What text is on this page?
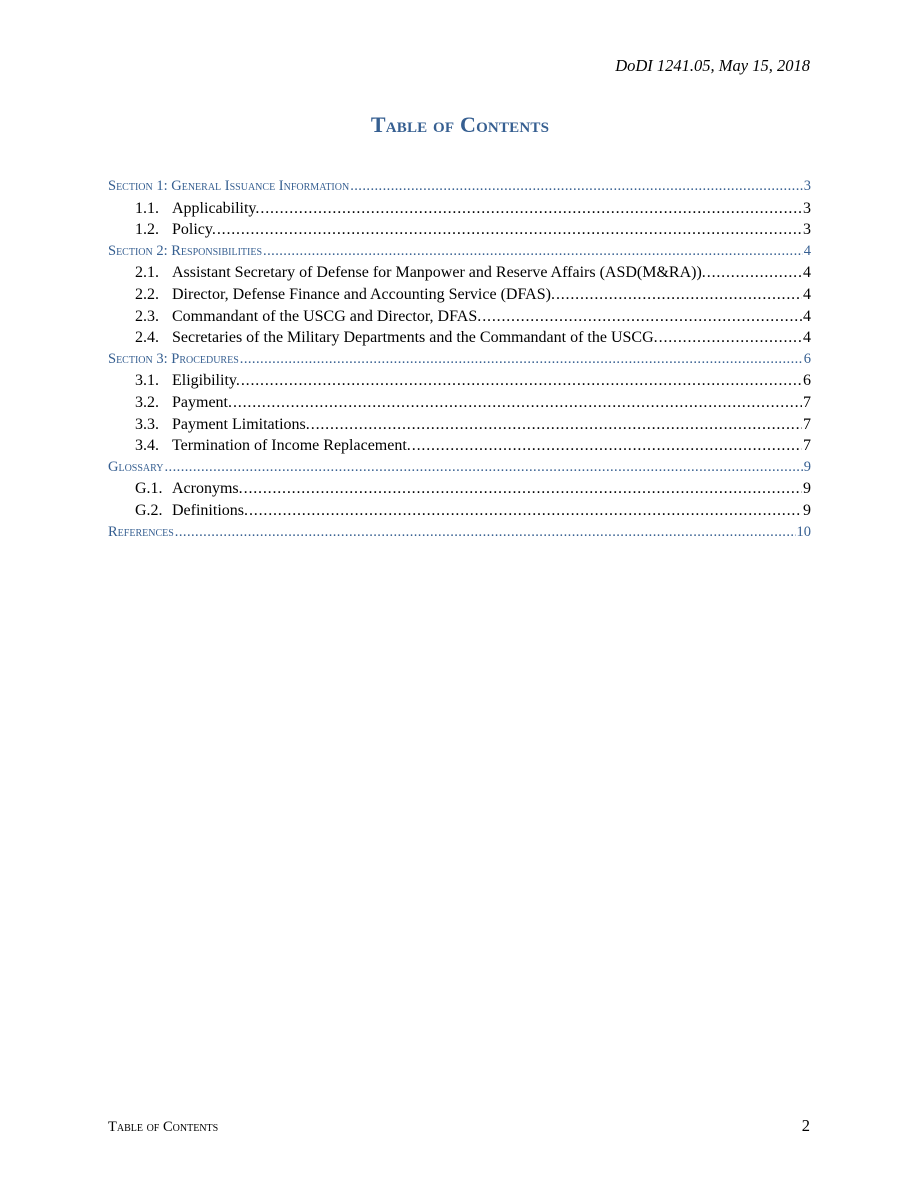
DoDI 1241.05, May 15, 2018
Table of Contents
Section 1: General Issuance Information . . .	3
1.1. Applicability. . . .	3
1.2. Policy. . . .	3
Section 2: Responsibilities . . .	4
2.1. Assistant Secretary of Defense for Manpower and Reserve Affairs (ASD(M&RA)). . . .	4
2.2. Director, Defense Finance and Accounting Service (DFAS). . . .	4
2.3. Commandant of the USCG and Director, DFAS. . . .	4
2.4. Secretaries of the Military Departments and the Commandant of the USCG. . . .	4
Section 3: Procedures . . .	6
3.1. Eligibility. . . .	6
3.2. Payment. . . .	7
3.3. Payment Limitations. . . .	7
3.4. Termination of Income Replacement. . . .	7
Glossary . . .	9
G.1. Acronyms. . . .	9
G.2. Definitions. . . .	9
References . . .	10
Table of Contents	2
